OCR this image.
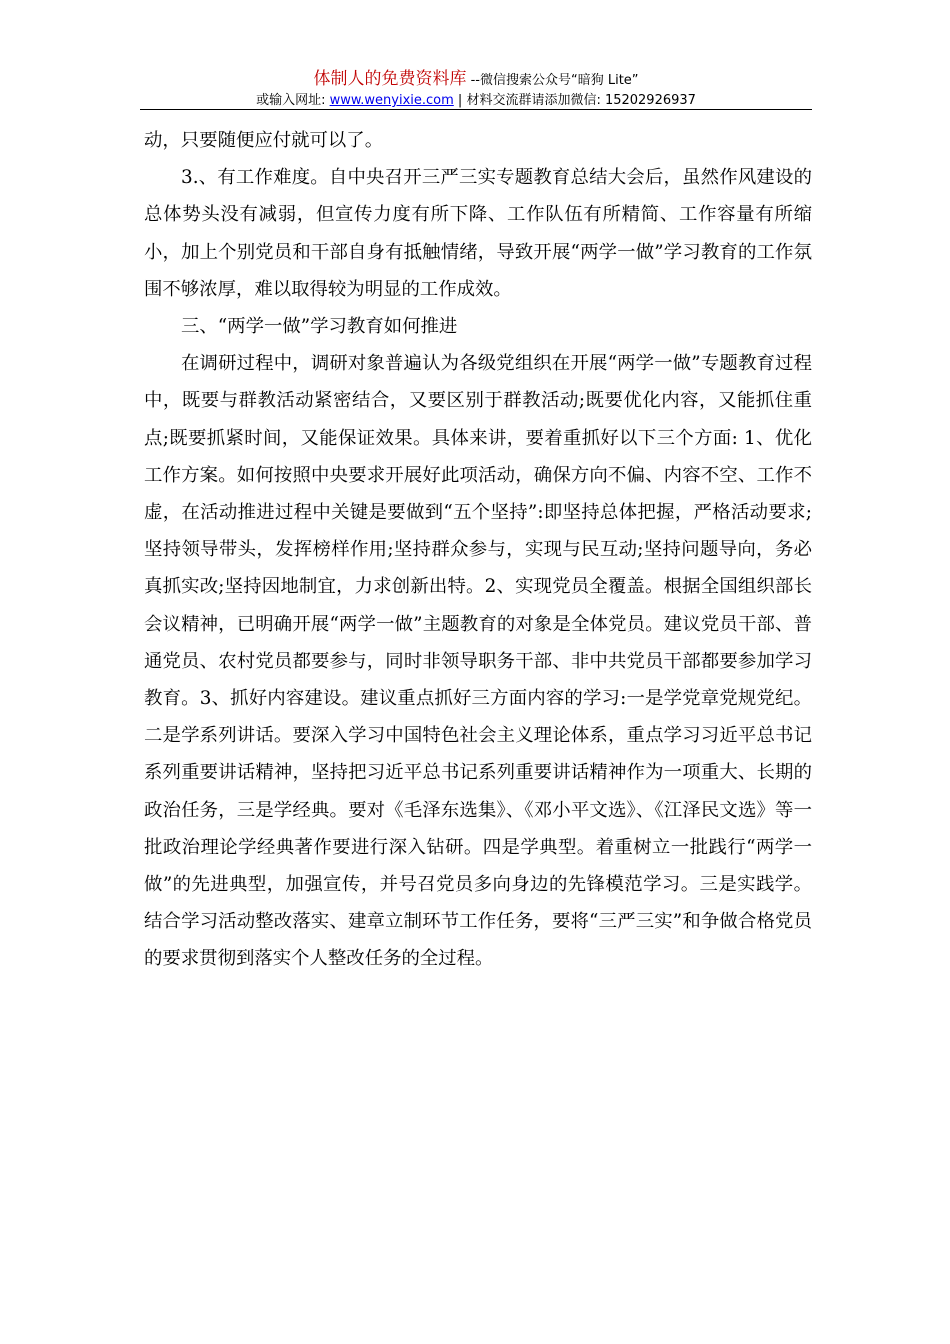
体制人的免费资料库 --微信搜索公众号“暗狗 Lite”
或输入网址: www.wenyixie.com | 材料交流群请添加微信: 15202926937

动，只要随便应付就可以了。

3.、有工作难度。自中央召开三严三实专题教育总结大会后，虽然作风建设的总体势头没有减弱，但宣传力度有所下降、工作队伍有所精简、工作容量有所缩小，加上个别党员和干部自身有抵触情绪，导致开展“两学一做”学习教育的工作氛围不够浓厚，难以取得较为明显的工作成效。

三、“两学一做”学习教育如何推进

在调研过程中，调研对象普遍认为各级党组织在开展“两学一做”专题教育过程中，既要与群教活动紧密结合，又要区别于群教活动;既要优化内容，又能抓住重点;既要抓紧时间，又能保证效果。具体来讲，要着重抓好以下三个方面: 1、优化工作方案。如何按照中央要求开展好此项活动，确保方向不偏、内容不空、工作不虚，在活动推进过程中关键是要做到“五个坚持”:即坚持总体把握，严格活动要求;坚持领导带头，发挥榜样作用;坚持群众参与，实现与民互动;坚持问题导向，务必真抓实改;坚持因地制宜，力求创新出特。2、实现党员全覆盖。根据全国组织部长会议精神，已明确开展“两学一做”主题教育的对象是全体党员。建议党员干部、普通党员、农村党员都要参与，同时非领导职务干部、非中共党员干部都要参加学习教育。3、抓好内容建设。建议重点抓好三方面内容的学习:一是学党章党规党纪。二是学系列讲话。要深入学习中国特色社会主义理论体系，重点学习习近平总书记系列重要讲话精神，坚持把习近平总书记系列重要讲话精神作为一项重大、长期的政治任务，三是学经典。要对《毛泽东选集》、《邓小平文选》、《江泽民文选》等一批政治理论学经典著作要进行深入钻研。四是学典型。着重树立一批践行“两学一做”的先进典型，加强宣传，并号召党员多向身边的先锋模范学习。三是实践学。结合学习活动整改落实、建章立制环节工作任务，要将“三严三实”和争做合格党员的要求贯彻到落实个人整改任务的全过程。
